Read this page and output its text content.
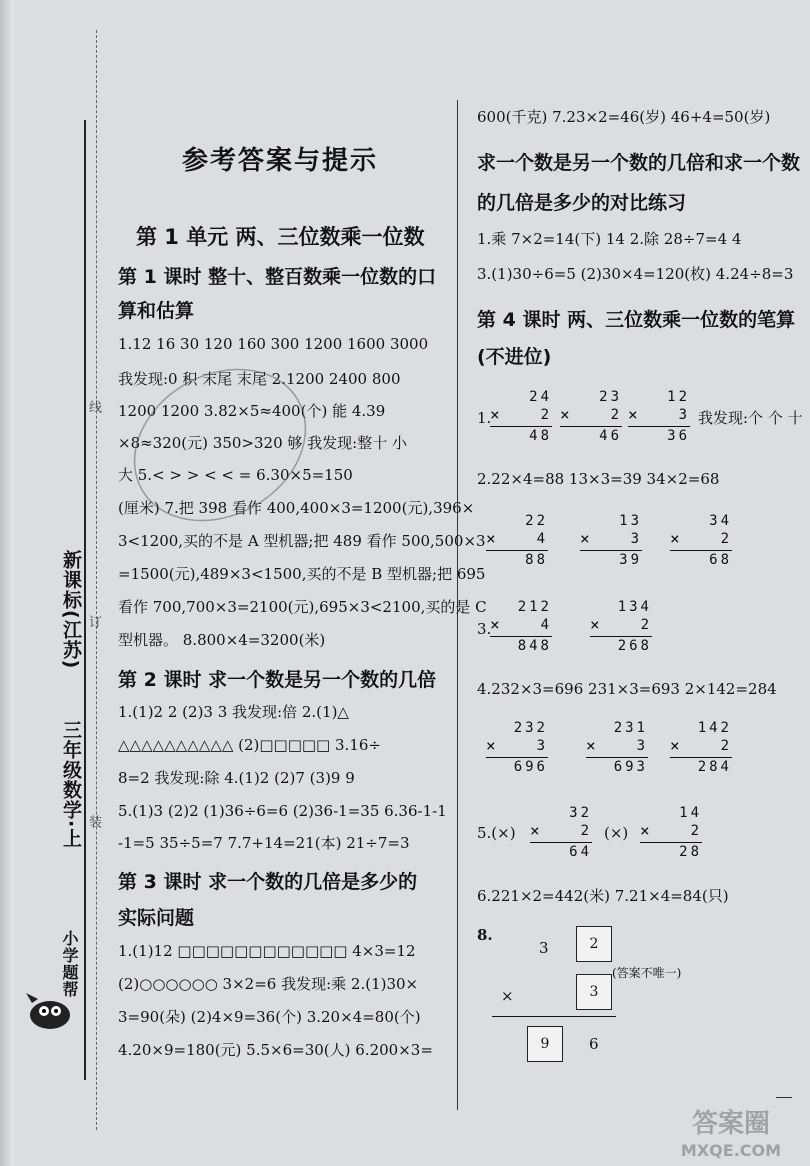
新课标(江苏)
三年级数学·上
小学题帮
线
订
装
参考答案与提示
第 1 单元 两、三位数乘一位数
第 1 课时 整十、整百数乘一位数的口
算和估算
1.12 16 30 120 160 300 1200 1600 3000
我发现:0 积 末尾 末尾 2.1200 2400 800
1200 1200 3.82×5≈400(个) 能 4.39
×8≈320(元) 350>320 够 我发现:整十 小
大 5.< > > < < = 6.30×5=150
(厘米) 7.把 398 看作 400,400×3=1200(元),396×
3<1200,买的不是 A 型机器;把 489 看作 500,500×3
=1500(元),489×3<1500,买的不是 B 型机器;把 695
看作 700,700×3=2100(元),695×3<2100,买的是 C
型机器。 8.800×4=3200(米)
第 2 课时 求一个数是另一个数的几倍
1.(1)2 2 (2)3 3 我发现:倍 2.(1)△
△△△△△△△△△△ (2)□□□□□ 3.16÷
8=2 我发现:除 4.(1)2 (2)7 (3)9 9
5.(1)3 (2)2 (1)36÷6=6 (2)36-1=35 6.36-1-1
-1=5 35÷5=7 7.7+14=21(本) 21÷7=3
第 3 课时 求一个数的几倍是多少的
实际问题
1.(1)12 □□□□□□□□□□□□ 4×3=12
(2)○○○○○○ 3×2=6 我发现:乘 2.(1)30×
3=90(朵) (2)4×9=36(个) 3.20×4=80(个)
4.20×9=180(元) 5.5×6=30(人) 6.200×3=
600(千克) 7.23×2=46(岁) 46+4=50(岁)
求一个数是另一个数的几倍和求一个数
的几倍是多少的对比练习
1.乘 7×2=14(下) 14 2.除 28÷7=4 4
3.(1)30÷6=5 (2)30×4=120(枚) 4.24÷8=3
第 4 课时 两、三位数乘一位数的笔算
(不进位)
1.
24
×	2
48
23
×	2
46
12
×	3
36
我发现:个 个 十
2.22×4=88 13×3=39 34×2=68
22
×	4
88
13
×	3
39
34
×	2
68
3.
212
×	4
848
134
×	2
268
4.232×3=696 231×3=693 2×142=284
232
×	3
696
231
×	3
693
142
×	2
284
5.(×)
32
×	2
64
(×)
14
×	2
28
6.221×2=442(米) 7.21×4=84(只)
8.
3	2
×	3
(答案不唯一)
9	6
答案圈
MXQE.COM
